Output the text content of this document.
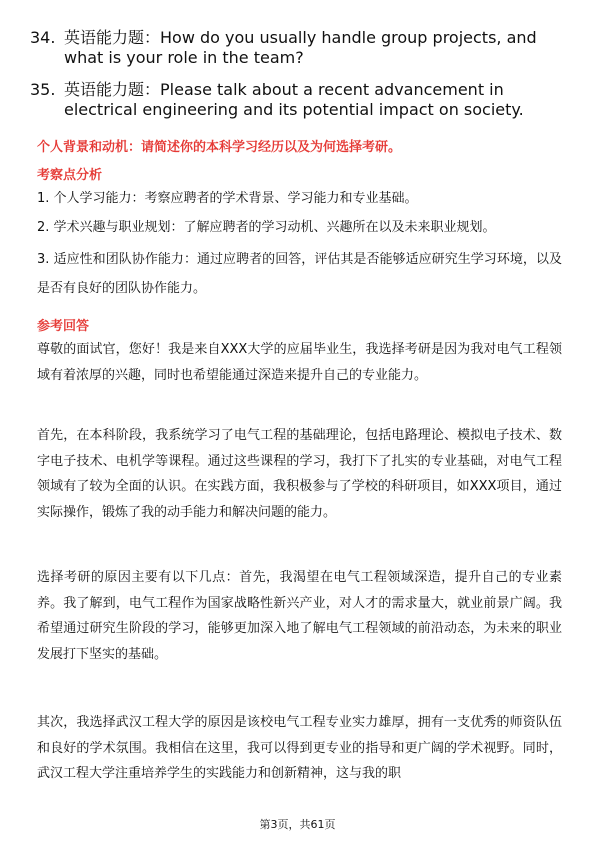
34. 英语能力题：How do you usually handle group projects, and what is your role in the team?
35. 英语能力题：Please talk about a recent advancement in electrical engineering and its potential impact on society.
个人背景和动机：请简述你的本科学习经历以及为何选择考研。
考察点分析
1. 个人学习能力：考察应聘者的学术背景、学习能力和专业基础。
2. 学术兴趣与职业规划：了解应聘者的学习动机、兴趣所在以及未来职业规划。
3. 适应性和团队协作能力：通过应聘者的回答，评估其是否能够适应研究生学习环境，以及是否有良好的团队协作能力。
参考回答
尊敬的面试官，您好！我是来自XXX大学的应届毕业生，我选择考研是因为我对电气工程领域有着浓厚的兴趣，同时也希望能通过深造来提升自己的专业能力。
首先，在本科阶段，我系统学习了电气工程的基础理论，包括电路理论、模拟电子技术、数字电子技术、电机学等课程。通过这些课程的学习，我打下了扎实的专业基础，对电气工程领域有了较为全面的认识。在实践方面，我积极参与了学校的科研项目，如XXX项目，通过实际操作，锻炼了我的动手能力和解决问题的能力。
选择考研的原因主要有以下几点：首先，我渴望在电气工程领域深造，提升自己的专业素养。我了解到，电气工程作为国家战略性新兴产业，对人才的需求量大，就业前景广阔。我希望通过研究生阶段的学习，能够更加深入地了解电气工程领域的前沿动态，为未来的职业发展打下坚实的基础。
其次，我选择武汉工程大学的原因是该校电气工程专业实力雄厚，拥有一支优秀的师资队伍和良好的学术氛围。我相信在这里，我可以得到更专业的指导和更广阔的学术视野。同时，武汉工程大学注重培养学生的实践能力和创新精神，这与我的职
第3页，共61页
